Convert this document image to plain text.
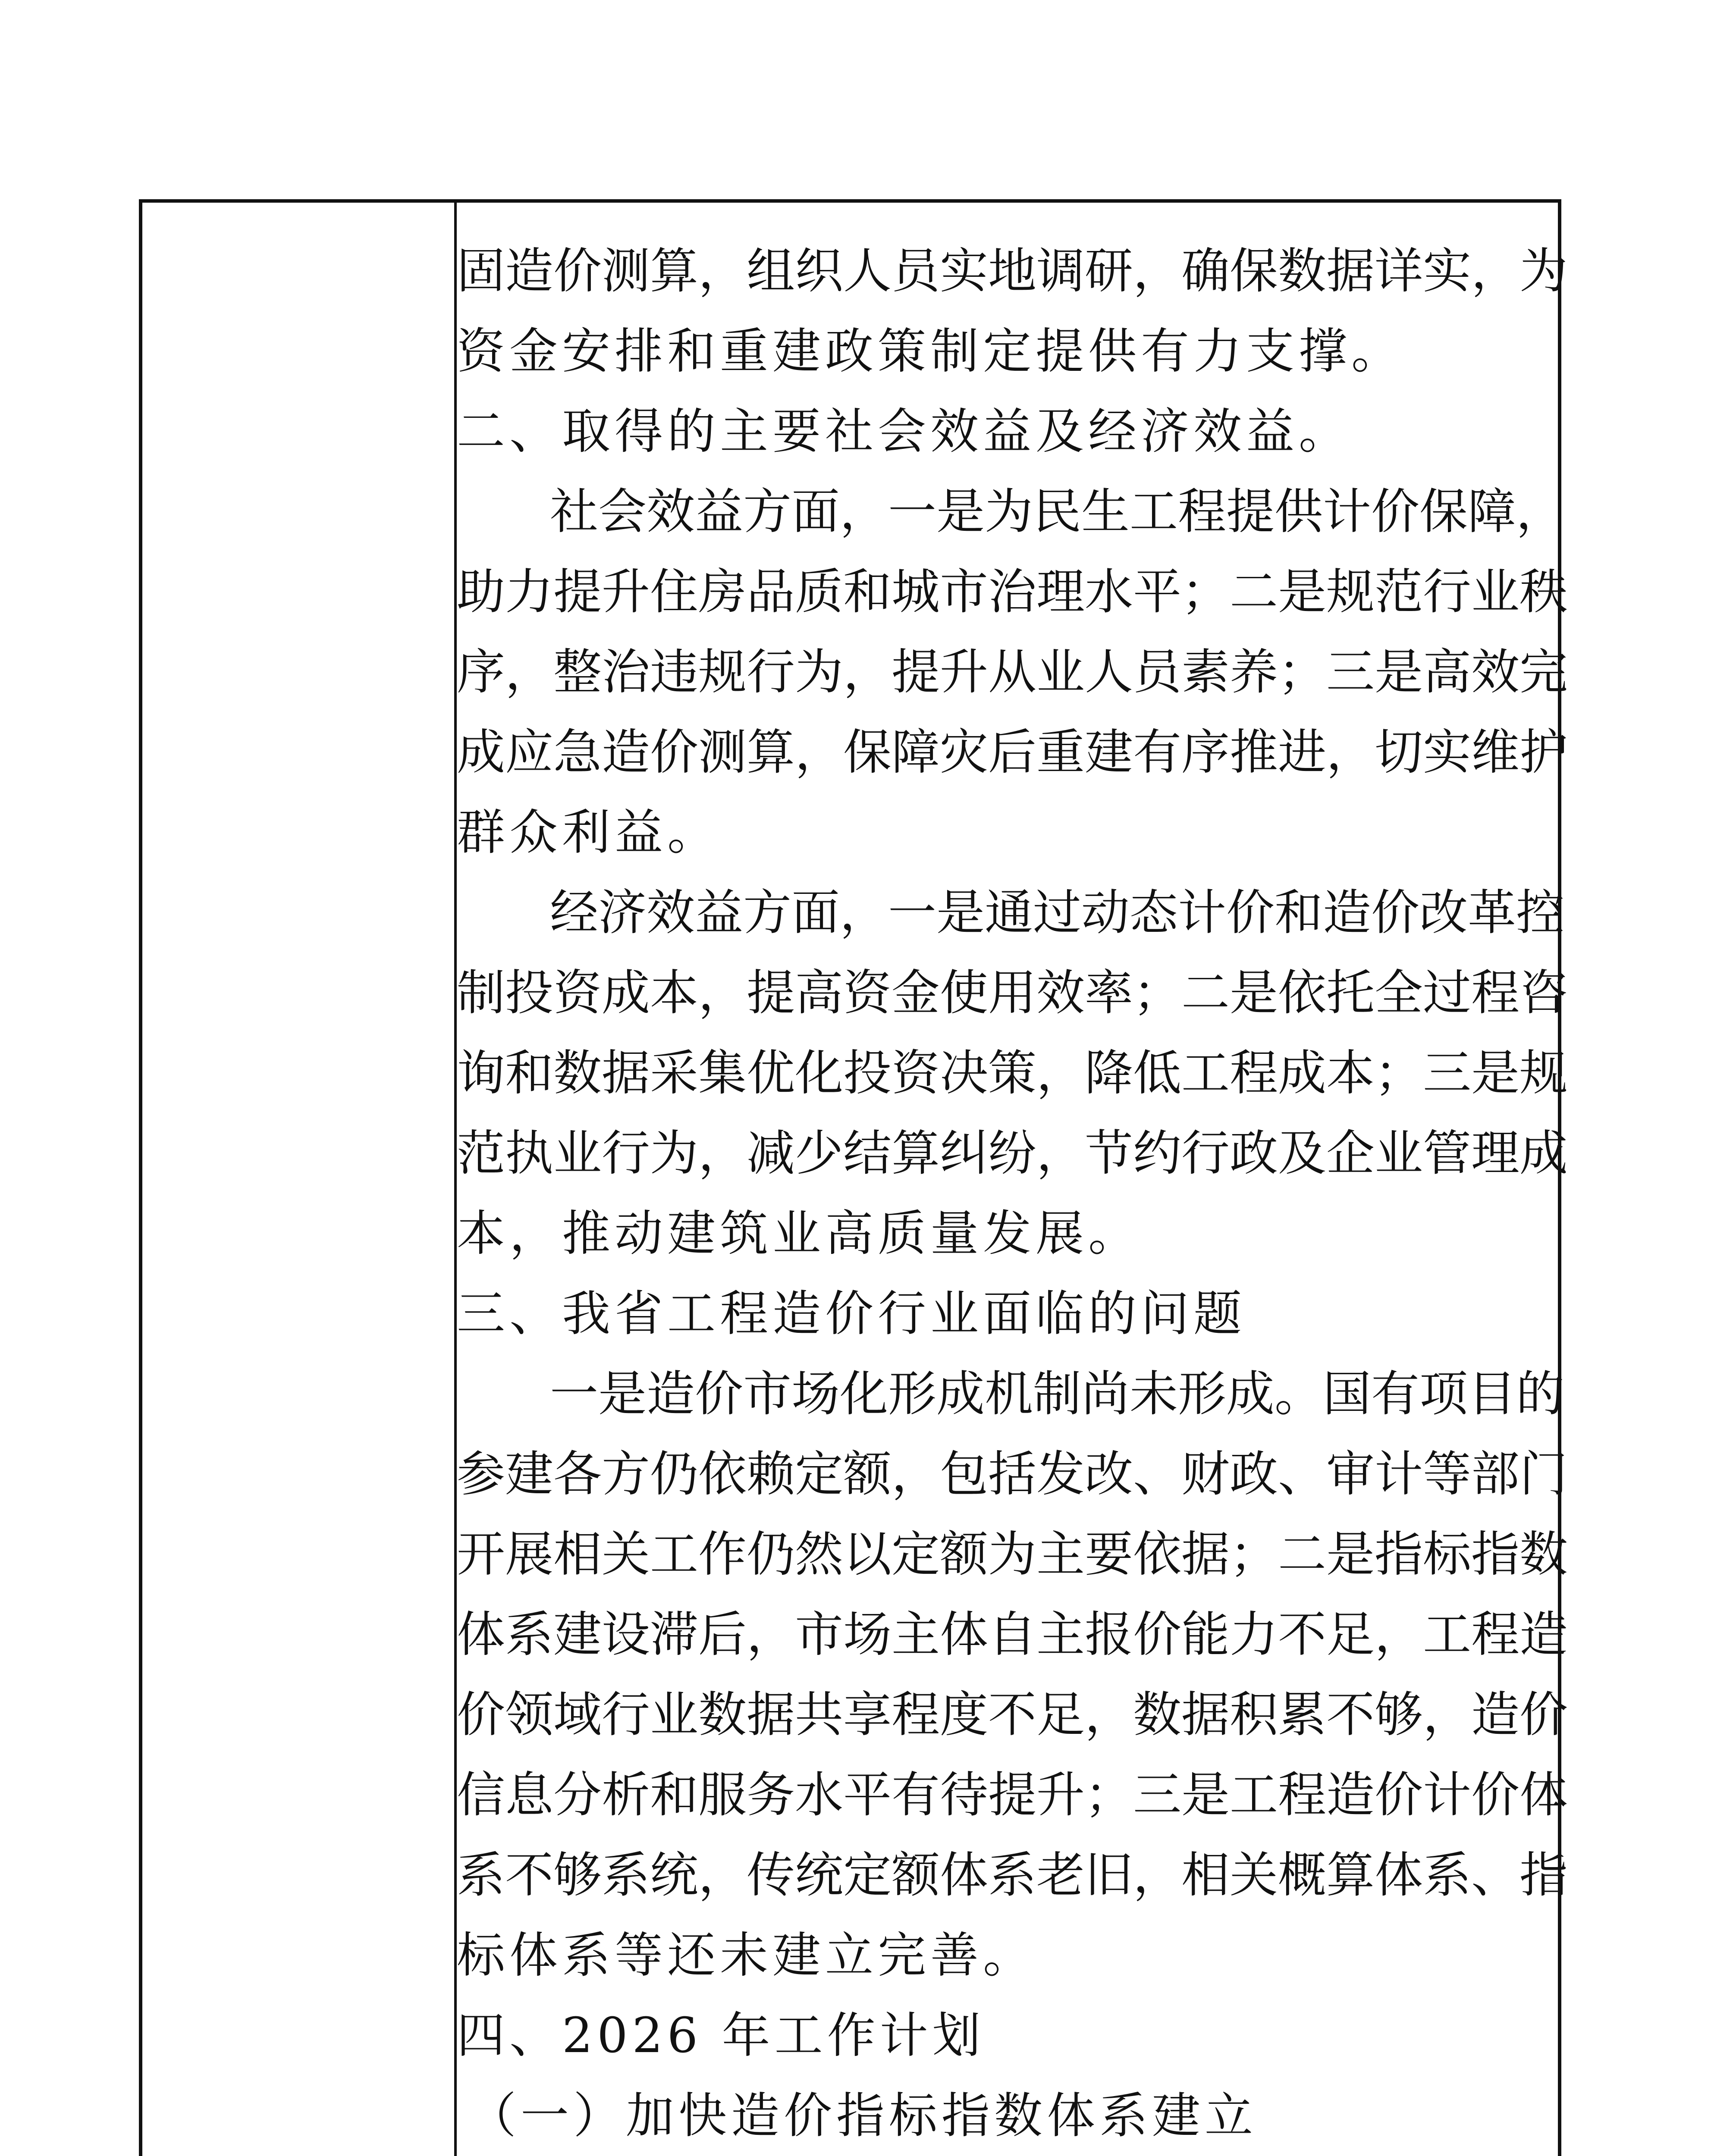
固造价测算，组织人员实地调研，确保数据详实，为
资金安排和重建政策制定提供有力支撑。
二、取得的主要社会效益及经济效益。
社会效益方面，一是为民生工程提供计价保障，
助力提升住房品质和城市治理水平；二是规范行业秩
序，整治违规行为，提升从业人员素养；三是高效完
成应急造价测算，保障灾后重建有序推进，切实维护
群众利益。
经济效益方面，一是通过动态计价和造价改革控
制投资成本，提高资金使用效率；二是依托全过程咨
询和数据采集优化投资决策，降低工程成本；三是规
范执业行为，减少结算纠纷，节约行政及企业管理成
本，推动建筑业高质量发展。
三、我省工程造价行业面临的问题
一是造价市场化形成机制尚未形成。国有项目的
参建各方仍依赖定额，包括发改、财政、审计等部门
开展相关工作仍然以定额为主要依据；二是指标指数
体系建设滞后，市场主体自主报价能力不足，工程造
价领域行业数据共享程度不足，数据积累不够，造价
信息分析和服务水平有待提升；三是工程造价计价体
系不够系统，传统定额体系老旧，相关概算体系、指
标体系等还未建立完善。
四、2026 年工作计划
（一）加快造价指标指数体系建立
